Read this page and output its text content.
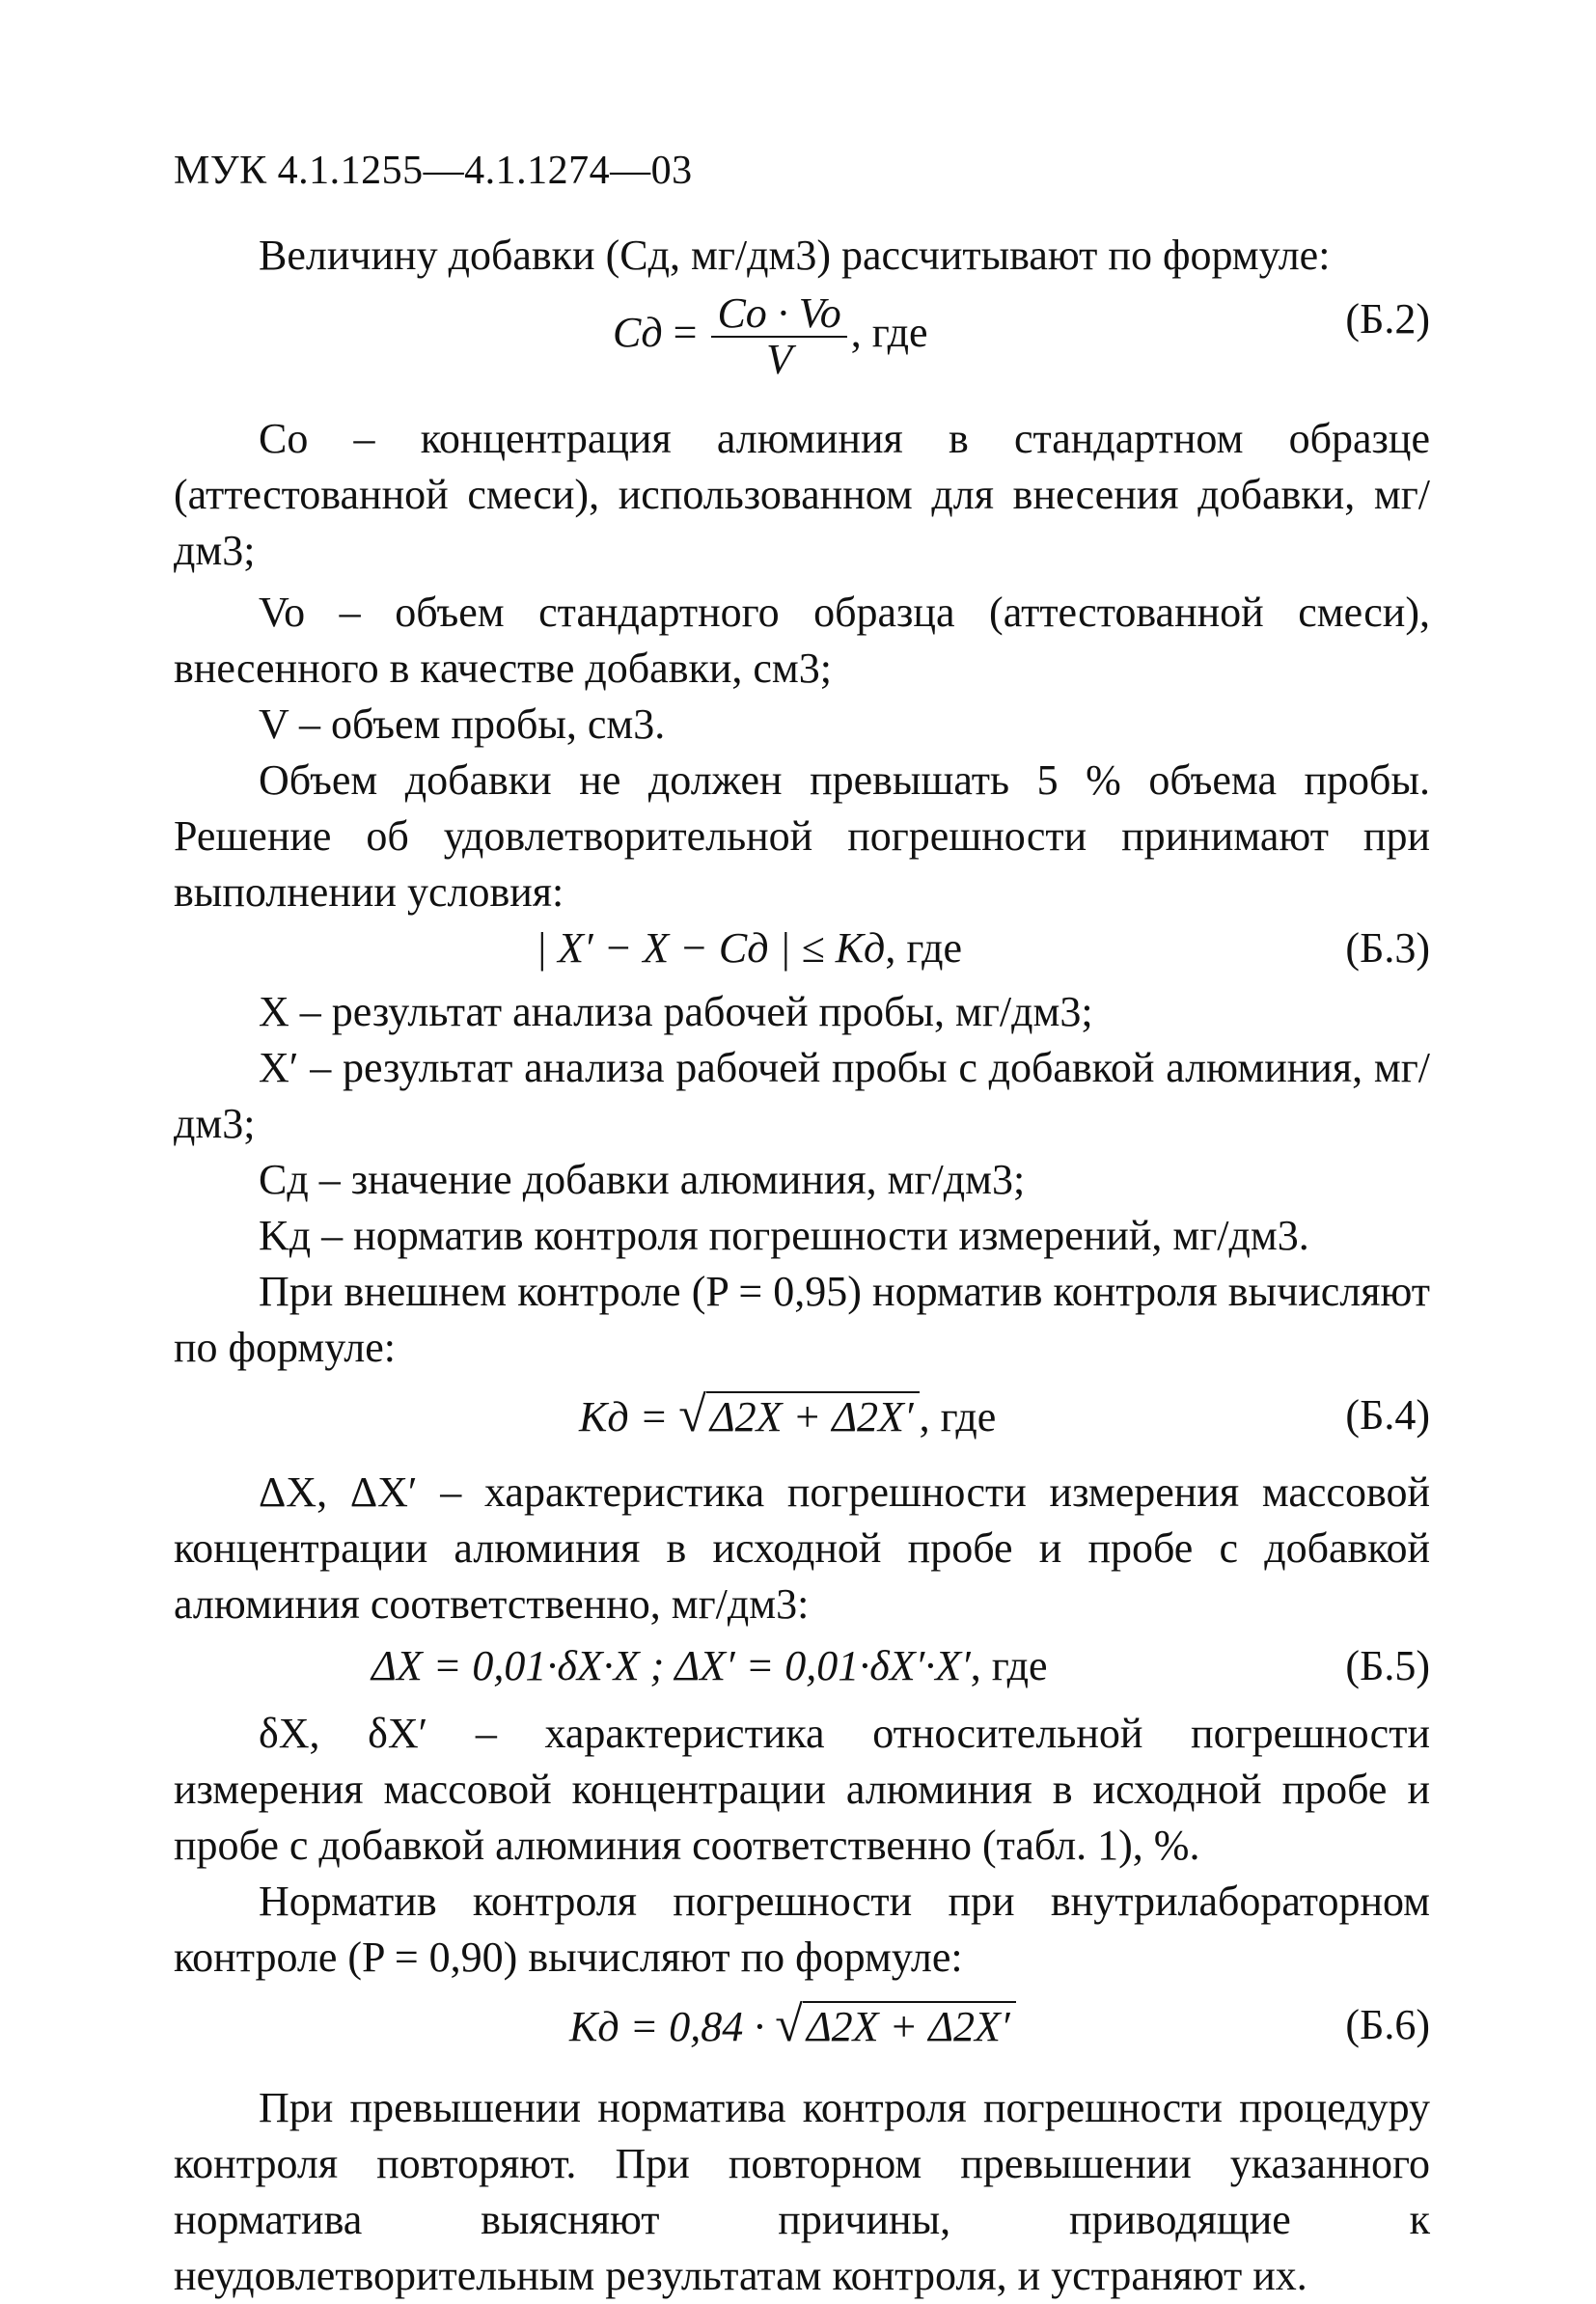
МУК 4.1.1255—4.1.1274—03

Величину добавки (Cд, мг/дм3) рассчитывают по формуле:

Cд = $\frac{Co \cdot Vo}{V}$ , где	(Б.2)

Co – концентрация алюминия в стандартном образце (аттестованной смеси), использованном для внесения добавки, мг/дм3;

Vo – объем стандартного образца (аттестованной смеси), внесенного в качестве добавки, см3;

V – объем пробы, см3.

Объем добавки не должен превышать 5 % объема пробы. Решение об удовлетворительной погрешности принимают при выполнении условия:

| X′ − X − Cд | ≤ Kд, где	(Б.3)

X – результат анализа рабочей пробы, мг/дм3;

X′ – результат анализа рабочей пробы с добавкой алюминия, мг/дм3;

Cд – значение добавки алюминия, мг/дм3;

Kд – норматив контроля погрешности измерений, мг/дм3.

При внешнем контроле (P = 0,95) норматив контроля вычисляют по формуле:

Kд = √Δ2X + Δ2X′ , где	(Б.4)

ΔX, ΔX′ – характеристика погрешности измерения массовой концентрации алюминия в исходной пробе и пробе с добавкой алюминия соответственно, мг/дм3:

ΔX = 0,01·δX·X ; ΔX′ = 0,01·δX′·X′, где	(Б.5)

δX, δX′ – характеристика относительной погрешности измерения массовой концентрации алюминия в исходной пробе и пробе с добавкой алюминия соответственно (табл. 1), %.

Норматив контроля погрешности при внутрилабораторном контроле (P = 0,90) вычисляют по формуле:

Kд = 0,84 · √Δ2X + Δ2X′	(Б.6)

При превышении норматива контроля погрешности процедуру контроля повторяют. При повторном превышении указанного норматива выясняют причины, приводящие к неудовлетворительным результатам контроля, и устраняют их.
